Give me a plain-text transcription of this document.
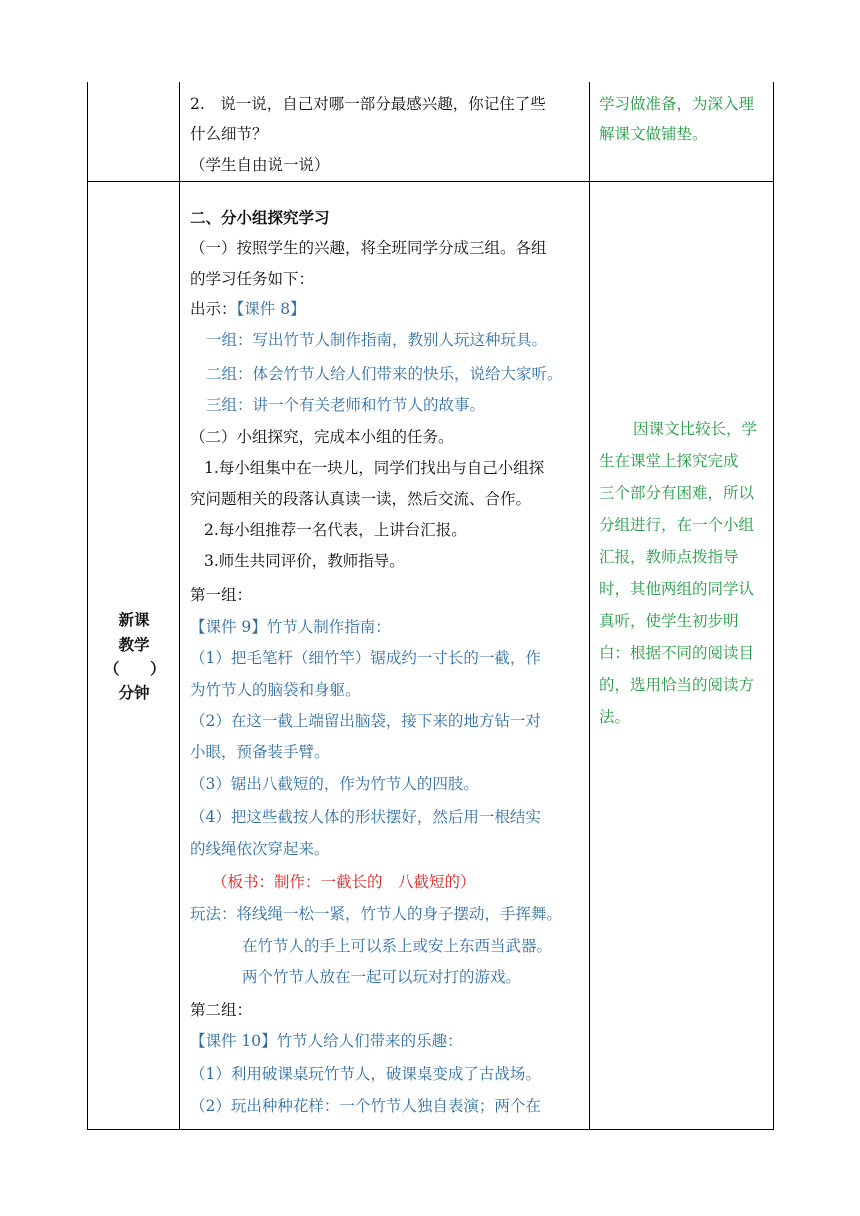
2.　说一说，自己对哪一部分最感兴趣，你记住了些
什么细节？
（学生自由说一说）
学习做准备，为深入理
解课文做铺垫。
新课
教学
（ ）
分钟
二、分小组探究学习
（一）按照学生的兴趣，将全班同学分成三组。各组
的学习任务如下：
出示：【课件 8】
一组：写出竹节人制作指南，教别人玩这种玩具。
二组：体会竹节人给人们带来的快乐，说给大家听。
三组：讲一个有关老师和竹节人的故事。
（二）小组探究，完成本小组的任务。
1.每小组集中在一块儿，同学们找出与自己小组探
究问题相关的段落认真读一读，然后交流、合作。
2.每小组推荐一名代表，上讲台汇报。
3.师生共同评价，教师指导。
第一组：
【课件 9】竹节人制作指南：
（1）把毛笔杆（细竹竿）锯成约一寸长的一截，作
为竹节人的脑袋和身躯。
（2）在这一截上端留出脑袋，接下来的地方钻一对
小眼，预备装手臂。
（3）锯出八截短的，作为竹节人的四肢。
（4）把这些截按人体的形状摆好，然后用一根结实
的线绳依次穿起来。
（板书：制作：一截长的　八截短的）
玩法：将线绳一松一紧，竹节人的身子摆动，手挥舞。
在竹节人的手上可以系上或安上东西当武器。
两个竹节人放在一起可以玩对打的游戏。
第二组：
【课件 10】竹节人给人们带来的乐趣：
（1）利用破课桌玩竹节人，破课桌变成了古战场。
（2）玩出种种花样：一个竹节人独自表演；两个在
因课文比较长，学
生在课堂上探究完成
三个部分有困难，所以
分组进行，在一个小组
汇报，教师点拨指导
时，其他两组的同学认
真听，使学生初步明
白：根据不同的阅读目
的，选用恰当的阅读方
法。
